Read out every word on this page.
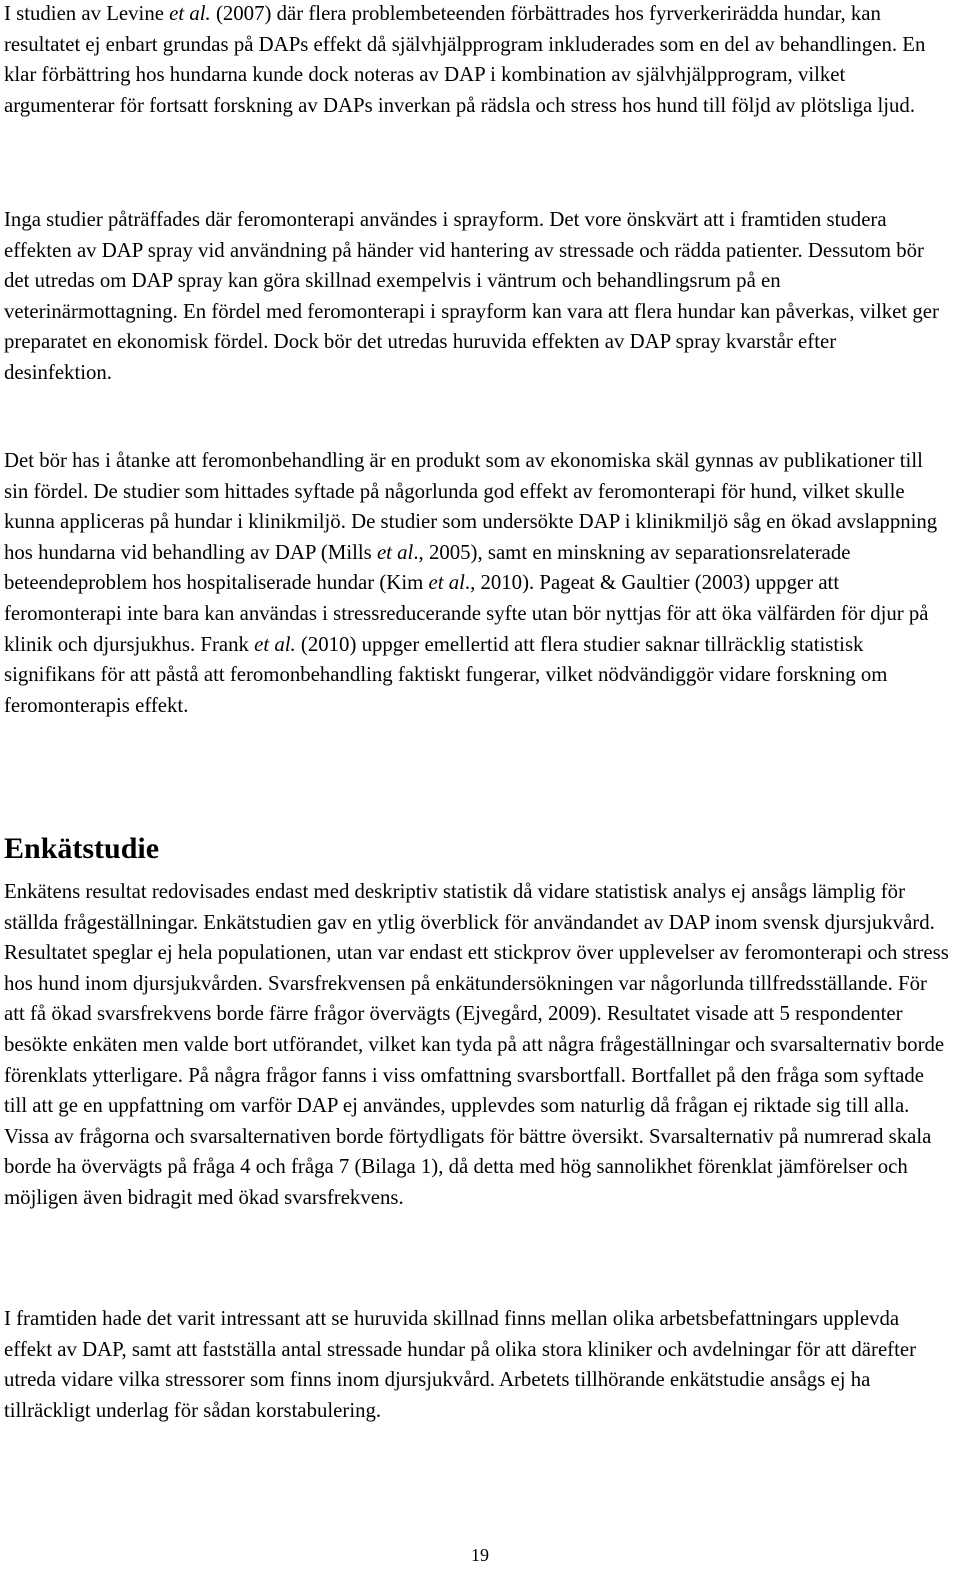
I studien av Levine et al. (2007) där flera problembeteenden förbättrades hos fyrverkerirädda hundar, kan resultatet ej enbart grundas på DAPs effekt då självhjälpprogram inkluderades som en del av behandlingen. En klar förbättring hos hundarna kunde dock noteras av DAP i kombination av självhjälpprogram, vilket argumenterar för fortsatt forskning av DAPs inverkan på rädsla och stress hos hund till följd av plötsliga ljud.

Inga studier påträffades där feromonterapi användes i sprayform. Det vore önskvärt att i framtiden studera effekten av DAP spray vid användning på händer vid hantering av stressade och rädda patienter. Dessutom bör det utredas om DAP spray kan göra skillnad exempelvis i väntrum och behandlingsrum på en veterinärmottagning. En fördel med feromonterapi i sprayform kan vara att flera hundar kan påverkas, vilket ger preparatet en ekonomisk fördel. Dock bör det utredas huruvida effekten av DAP spray kvarstår efter desinfektion.

Det bör has i åtanke att feromonbehandling är en produkt som av ekonomiska skäl gynnas av publikationer till sin fördel. De studier som hittades syftade på någorlunda god effekt av feromonterapi för hund, vilket skulle kunna appliceras på hundar i klinikmiljö. De studier som undersökte DAP i klinikmiljö såg en ökad avslappning hos hundarna vid behandling av DAP (Mills et al., 2005), samt en minskning av separationsrelaterade beteendeproblem hos hospitaliserade hundar (Kim et al., 2010). Pageat & Gaultier (2003) uppger att feromonterapi inte bara kan användas i stressreducerande syfte utan bör nyttjas för att öka välfärden för djur på klinik och djursjukhus. Frank et al. (2010) uppger emellertid att flera studier saknar tillräcklig statistisk signifikans för att påstå att feromonbehandling faktiskt fungerar, vilket nödvändiggör vidare forskning om feromonterapis effekt.

Enkätstudie

Enkätens resultat redovisades endast med deskriptiv statistik då vidare statistisk analys ej ansågs lämplig för ställda frågeställningar. Enkätstudien gav en ytlig överblick för användandet av DAP inom svensk djursjukvård. Resultatet speglar ej hela populationen, utan var endast ett stickprov över upplevelser av feromonterapi och stress hos hund inom djursjukvården. Svarsfrekvensen på enkätundersökningen var någorlunda tillfredsställande. För att få ökad svarsfrekvens borde färre frågor övervägts (Ejvegård, 2009). Resultatet visade att 5 respondenter besökte enkäten men valde bort utförandet, vilket kan tyda på att några frågeställningar och svarsalternativ borde förenklats ytterligare. På några frågor fanns i viss omfattning svarsbortfall. Bortfallet på den fråga som syftade till att ge en uppfattning om varför DAP ej användes, upplevdes som naturlig då frågan ej riktade sig till alla. Vissa av frågorna och svarsalternativen borde förtydligats för bättre översikt. Svarsalternativ på numrerad skala borde ha övervägts på fråga 4 och fråga 7 (Bilaga 1), då detta med hög sannolikhet förenklat jämförelser och möjligen även bidragit med ökad svarsfrekvens.

I framtiden hade det varit intressant att se huruvida skillnad finns mellan olika arbetsbefattningars upplevda effekt av DAP, samt att fastställa antal stressade hundar på olika stora kliniker och avdelningar för att därefter utreda vidare vilka stressorer som finns inom djursjukvård. Arbetets tillhörande enkätstudie ansågs ej ha tillräckligt underlag för sådan korstabulering.

19
